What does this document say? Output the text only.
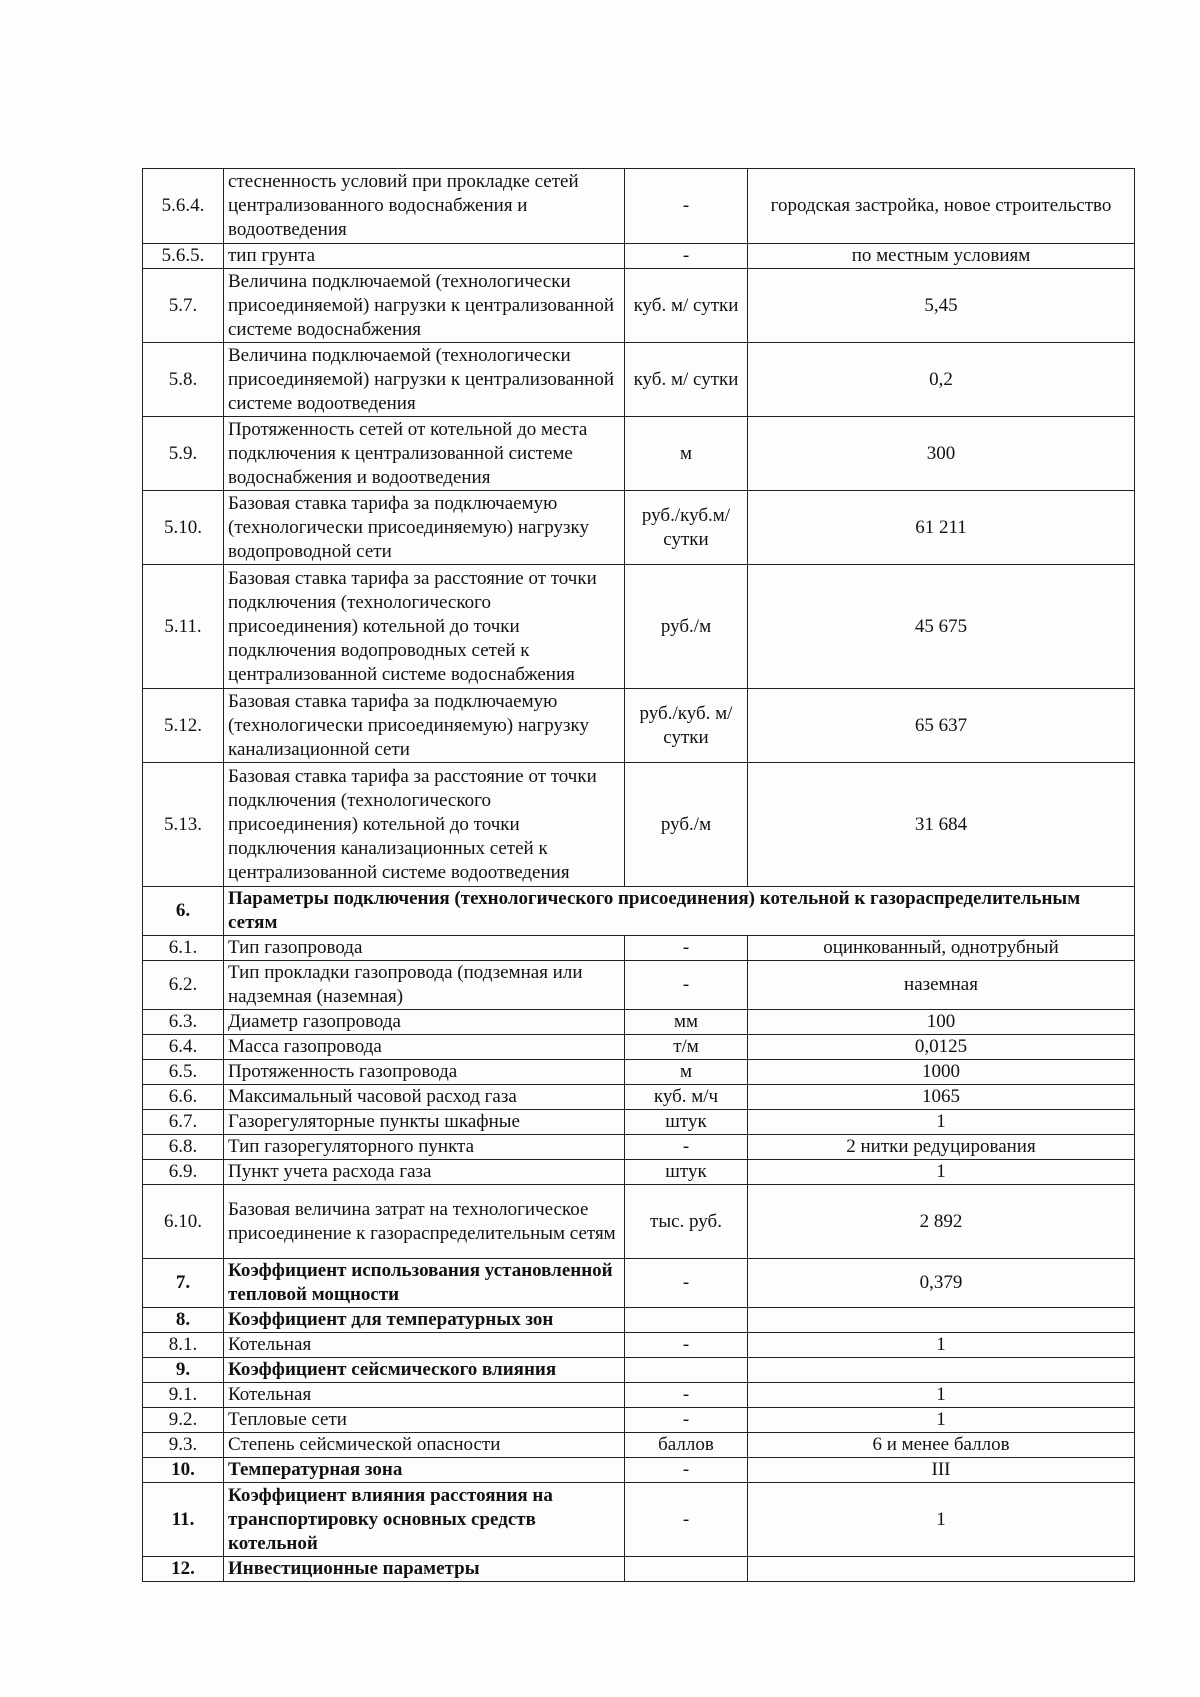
5.6.4.	стесненность условий при прокладке сетей централизованного водоснабжения и водоотведения	-	городская застройка, новое строительство
5.6.5.	тип грунта	-	по местным условиям
5.7.	Величина подключаемой (технологически присоединяемой) нагрузки к централизованной системе водоснабжения	куб. м/ сутки	5,45
5.8.	Величина подключаемой (технологически присоединяемой) нагрузки к централизованной системе водоотведения	куб. м/ сутки	0,2
5.9.	Протяженность сетей от котельной до места подключения к централизованной системе водоснабжения и водоотведения	м	300
5.10.	Базовая ставка тарифа за подключаемую (технологически присоединяемую) нагрузку водопроводной сети	руб./куб.м/ сутки	61 211
5.11.	Базовая ставка тарифа за расстояние от точки подключения (технологического присоединения) котельной до точки подключения водопроводных сетей к централизованной системе водоснабжения	руб./м	45 675
5.12.	Базовая ставка тарифа за подключаемую (технологически присоединяемую) нагрузку канализационной сети	руб./куб. м/ сутки	65 637
5.13.	Базовая ставка тарифа за расстояние от точки подключения (технологического присоединения) котельной до точки подключения канализационных сетей к централизованной системе водоотведения	руб./м	31 684
6.	Параметры подключения (технологического присоединения) котельной к газораспределительным сетям		
6.1.	Тип газопровода	-	оцинкованный, однотрубный
6.2.	Тип прокладки газопровода (подземная или надземная (наземная)	-	наземная
6.3.	Диаметр газопровода	мм	100
6.4.	Масса газопровода	т/м	0,0125
6.5.	Протяженность газопровода	м	1000
6.6.	Максимальный часовой расход газа	куб. м/ч	1065
6.7.	Газорегуляторные пункты шкафные	штук	1
6.8.	Тип газорегуляторного пункта	-	2 нитки редуцирования
6.9.	Пункт учета расхода газа	штук	1
6.10.	Базовая величина затрат на технологическое присоединение к газораспределительным сетям	тыс. руб.	2 892
7.	Коэффициент использования установленной тепловой мощности	-	0,379
8.	Коэффициент для температурных зон		
8.1.	Котельная	-	1
9.	Коэффициент сейсмического влияния		
9.1.	Котельная	-	1
9.2.	Тепловые сети	-	1
9.3.	Степень сейсмической опасности	баллов	6 и менее баллов
10.	Температурная зона	-	III
11.	Коэффициент влияния расстояния на транспортировку основных средств котельной	-	1
12.	Инвестиционные параметры		
